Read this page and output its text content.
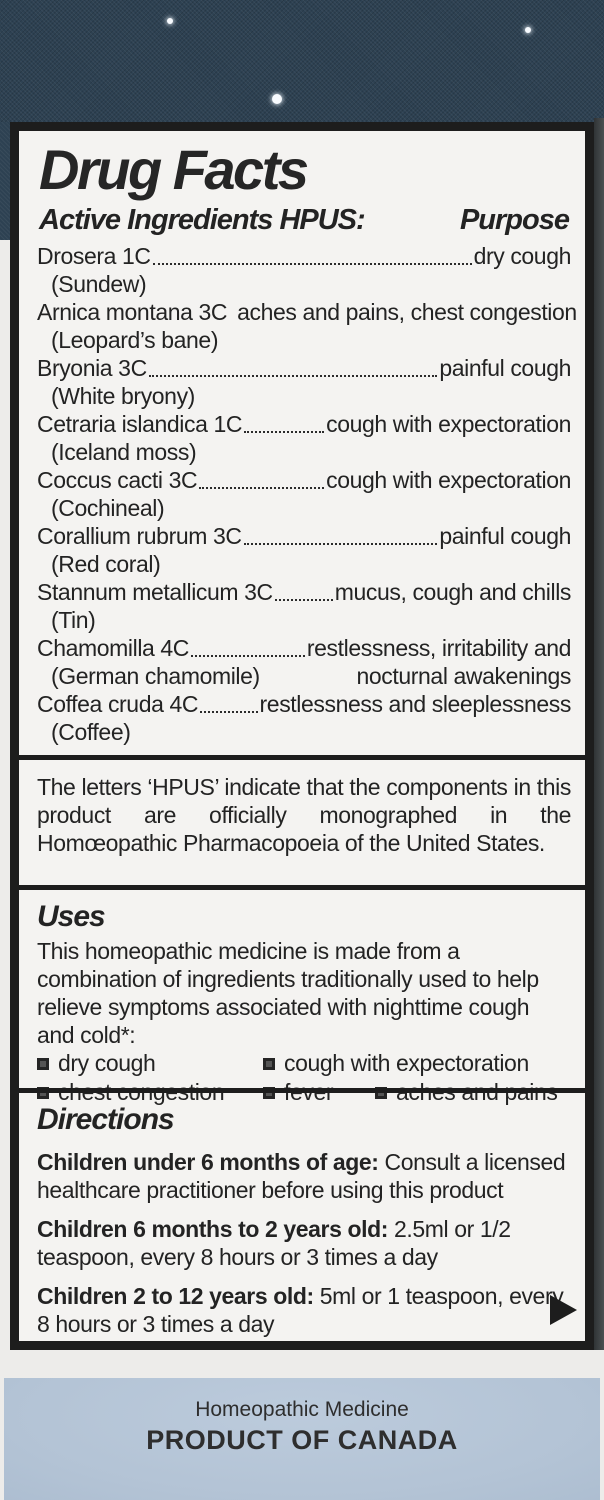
Drug Facts
Active Ingredients HPUS:	Purpose
Drosera 1C	dry cough
(Sundew)
Arnica montana 3C aches and pains, chest congestion
(Leopard’s bane)
Bryonia 3C	painful cough
(White bryony)
Cetraria islandica 1C	cough with expectoration
(Iceland moss)
Coccus cacti 3C	cough with expectoration
(Cochineal)
Corallium rubrum 3C	painful cough
(Red coral)
Stannum metallicum 3C	mucus, cough and chills
(Tin)
Chamomilla 4C	restlessness, irritability and
(German chamomile)	nocturnal awakenings
Coffea cruda 4C	restlessness and sleeplessness
(Coffee)
The letters ‘HPUS’ indicate that the components in this product are officially monographed in the Homœopathic Pharmacopoeia of the United States.
Uses
This homeopathic medicine is made from a combination of ingredients traditionally used to help relieve symptoms associated with nighttime cough and cold*:
dry cough	cough with expectoration
Directions
Children under 6 months of age: Consult a licensed healthcare practitioner before using this product
Children 6 months to 2 years old: 2.5ml or 1/2 teaspoon, every 8 hours or 3 times a day
Children 2 to 12 years old: 5ml or 1 teaspoon, every 8 hours or 3 times a day
Homeopathic Medicine
PRODUCT OF CANADA
